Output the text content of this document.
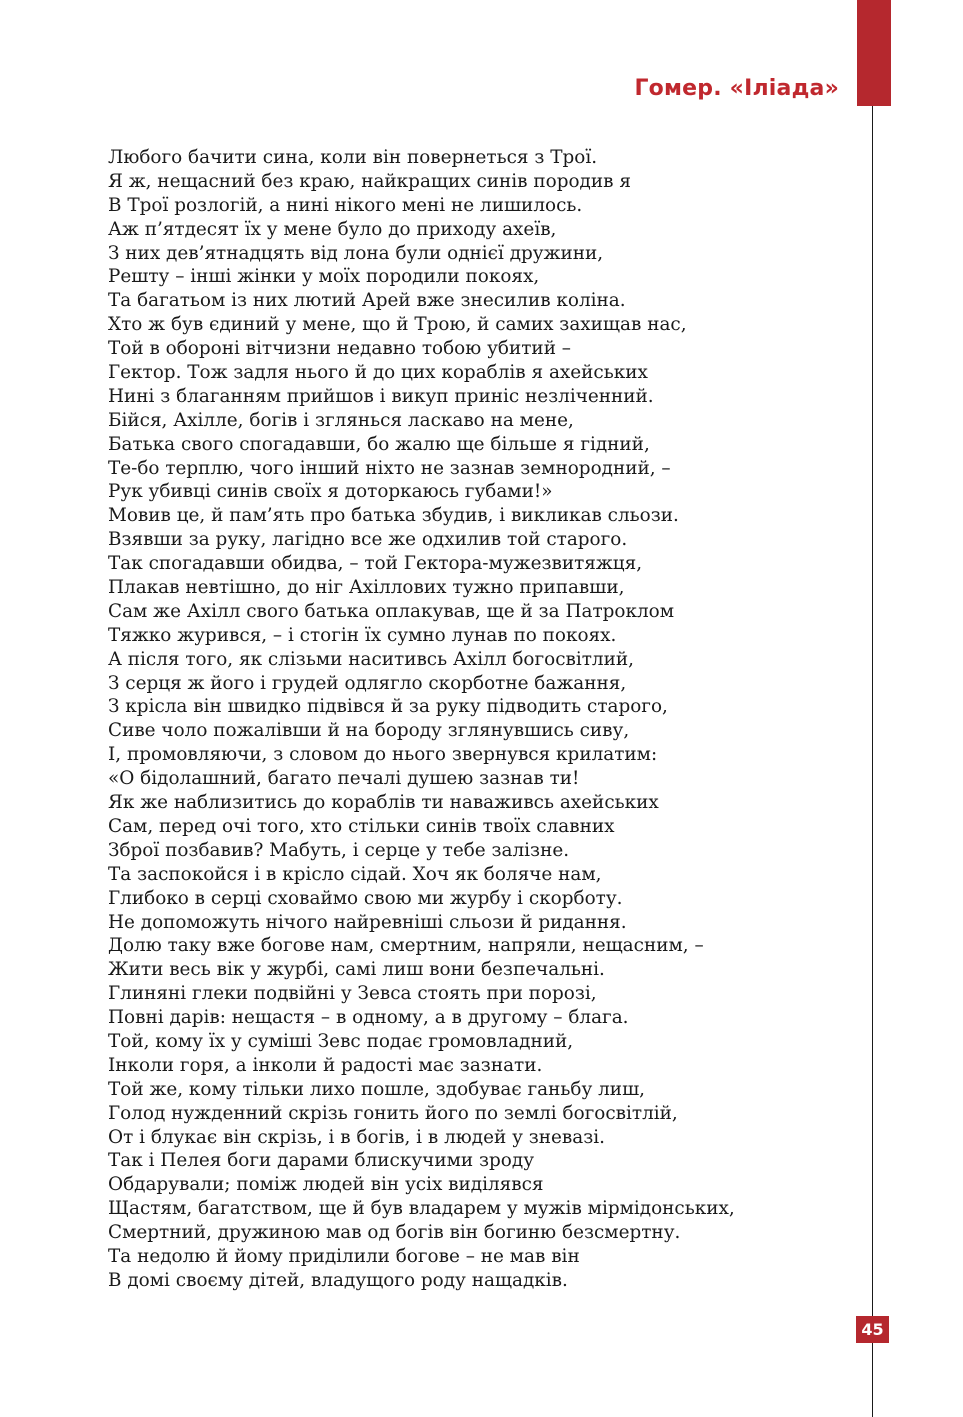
Гомер. «Іліада»
Любого бачити сина, коли він повернеться з Трої.
Я ж, нещасний без краю, найкращих синів породив я
В Трої розлогій, а нині нікого мені не лишилось.
Аж п’ятдесят їх у мене було до приходу ахеїв,
З них дев’ятнадцять від лона були однієї дружини,
Решту – інші жінки у моїх породили покоях,
Та багатьом із них лютий Арей вже знесилив коліна.
Хто ж був єдиний у мене, що й Трою, й самих захищав нас,
Той в обороні вітчизни недавно тобою убитий –
Гектор. Тож задля нього й до цих кораблів я ахейських
Нині з благанням прийшов і викуп приніс незліченний.
Бійся, Ахілле, богів і зглянься ласкаво на мене,
Батька свого спогадавши, бо жалю ще більше я гідний,
Те-бо терплю, чого інший ніхто не зазнав земнородний, –
Рук убивці синів своїх я доторкаюсь губами!»
Мовив це, й пам’ять про батька збудив, і викликав сльози.
Взявши за руку, лагідно все же одхилив той старого.
Так спогадавши обидва, – той Гектора-мужезвитяжця,
Плакав невтішно, до ніг Ахіллових тужно припавши,
Сам же Ахілл свого батька оплакував, ще й за Патроклом
Тяжко журився, – і стогін їх сумно лунав по покоях.
А після того, як слізьми наситивсь Ахілл богосвітлий,
З серця ж його і грудей одлягло скорботне бажання,
З крісла він швидко підвівся й за руку підводить старого,
Сиве чоло пожалівши й на бороду зглянувшись сиву,
І, промовляючи, з словом до нього звернувся крилатим:
«О бідолашний, багато печалі душею зазнав ти!
Як же наблизитись до кораблів ти наваживсь ахейських
Сам, перед очі того, хто стільки синів твоїх славних
Зброї позбавив? Мабуть, і серце у тебе залізне.
Та заспокойся і в крісло сідай. Хоч як боляче нам,
Глибоко в серці сховаймо свою ми журбу і скорботу.
Не допоможуть нічого найревніші сльози й ридання.
Долю таку вже богове нам, смертним, напряли, нещасним, –
Жити весь вік у журбі, самі лиш вони безпечальні.
Глиняні глеки подвійні у Зевса стоять при порозі,
Повні дарів: нещастя – в одному, а в другому – блага.
Той, кому їх у суміші Зевс подає громовладний,
Інколи горя, а інколи й радості має зазнати.
Той же, кому тільки лихо пошле, здобуває ганьбу лиш,
Голод нужденний скрізь гонить його по землі богосвітлій,
От і блукає він скрізь, і в богів, і в людей у зневазі.
Так і Пелея боги дарами блискучими зроду
Обдарували; поміж людей він усіх виділявся
Щастям, багатством, ще й був владарем у мужів мірмідонських,
Смертний, дружиною мав од богів він богиню безсмертну.
Та недолю й йому приділили богове – не мав він
В домі своєму дітей, владущого роду нащадків.
45
